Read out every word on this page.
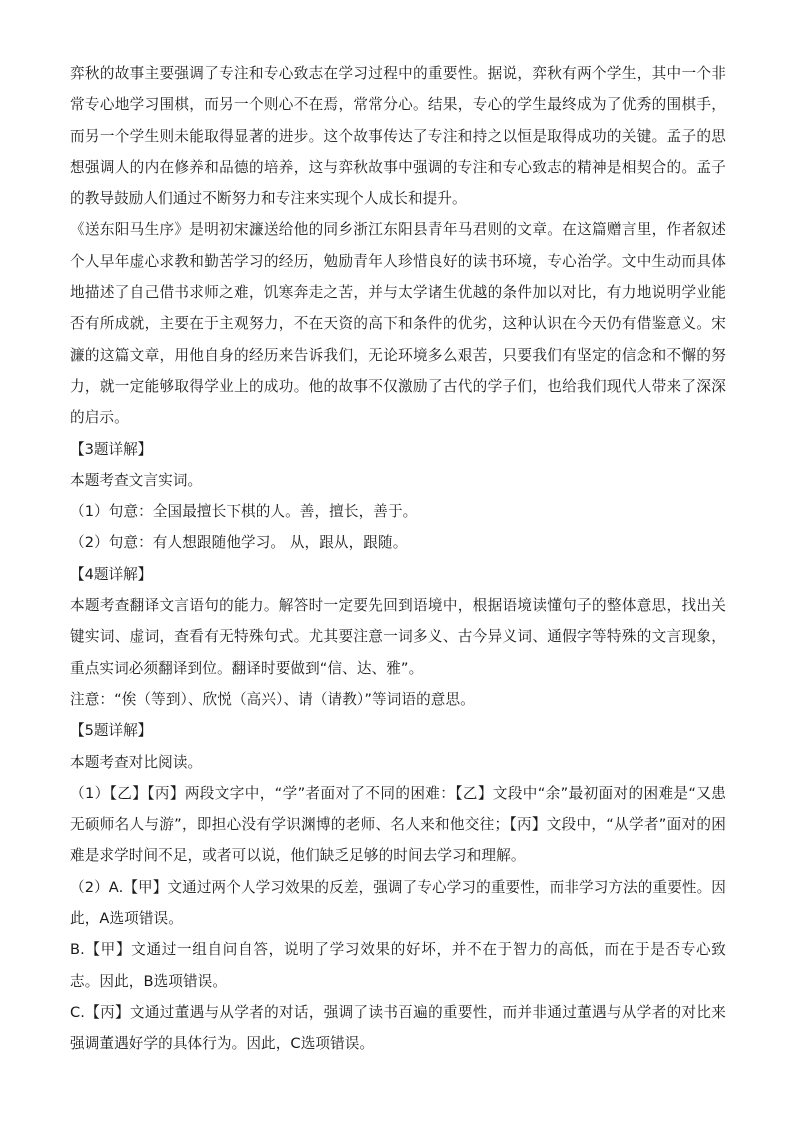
弈秋的故事主要强调了专注和专心致志在学习过程中的重要性。据说，弈秋有两个学生，其中一个非常专心地学习围棋，而另一个则心不在焉，常常分心。结果，专心的学生最终成为了优秀的围棋手，而另一个学生则未能取得显著的进步。这个故事传达了专注和持之以恒是取得成功的关键。孟子的思想强调人的内在修养和品德的培养，这与弈秋故事中强调的专注和专心致志的精神是相契合的。孟子的教导鼓励人们通过不断努力和专注来实现个人成长和提升。

《送东阳马生序》是明初宋濂送给他的同乡浙江东阳县青年马君则的文章。在这篇赠言里，作者叙述个人早年虚心求教和勤苦学习的经历，勉励青年人珍惜良好的读书环境，专心治学。文中生动而具体地描述了自己借书求师之难，饥寒奔走之苦，并与太学诸生优越的条件加以对比，有力地说明学业能否有所成就，主要在于主观努力，不在天资的高下和条件的优劣，这种认识在今天仍有借鉴意义。宋濂的这篇文章，用他自身的经历来告诉我们，无论环境多么艰苦，只要我们有坚定的信念和不懈的努力，就一定能够取得学业上的成功。他的故事不仅激励了古代的学子们，也给我们现代人带来了深深的启示。

【3题详解】

本题考查文言实词。

（1）句意：全国最擅长下棋的人。善，擅长，善于。

（2）句意：有人想跟随他学习。 从，跟从，跟随。

【4题详解】

本题考查翻译文言语句的能力。解答时一定要先回到语境中，根据语境读懂句子的整体意思，找出关键实词、虚词，查看有无特殊句式。尤其要注意一词多义、古今异义词、通假字等特殊的文言现象，重点实词必须翻译到位。翻译时要做到“信、达、雅”。

注意：“俟（等到）、欣悦（高兴）、请（请教）”等词语的意思。

【5题详解】

本题考查对比阅读。

（1）【乙】【丙】两段文字中，“学”者面对了不同的困难：【乙】文段中“余”最初面对的困难是“又患无硕师名人与游”，即担心没有学识渊博的老师、名人来和他交往；【丙】文段中，“从学者”面对的困难是求学时间不足，或者可以说，他们缺乏足够的时间去学习和理解。

（2）A.【甲】文通过两个人学习效果的反差，强调了专心学习的重要性，而非学习方法的重要性。因此，A选项错误。

B.【甲】文通过一组自问自答，说明了学习效果的好坏，并不在于智力的高低，而在于是否专心致志。因此，B选项错误。

C.【丙】文通过董遇与从学者的对话，强调了读书百遍的重要性，而并非通过董遇与从学者的对比来强调董遇好学的具体行为。因此，C选项错误。
